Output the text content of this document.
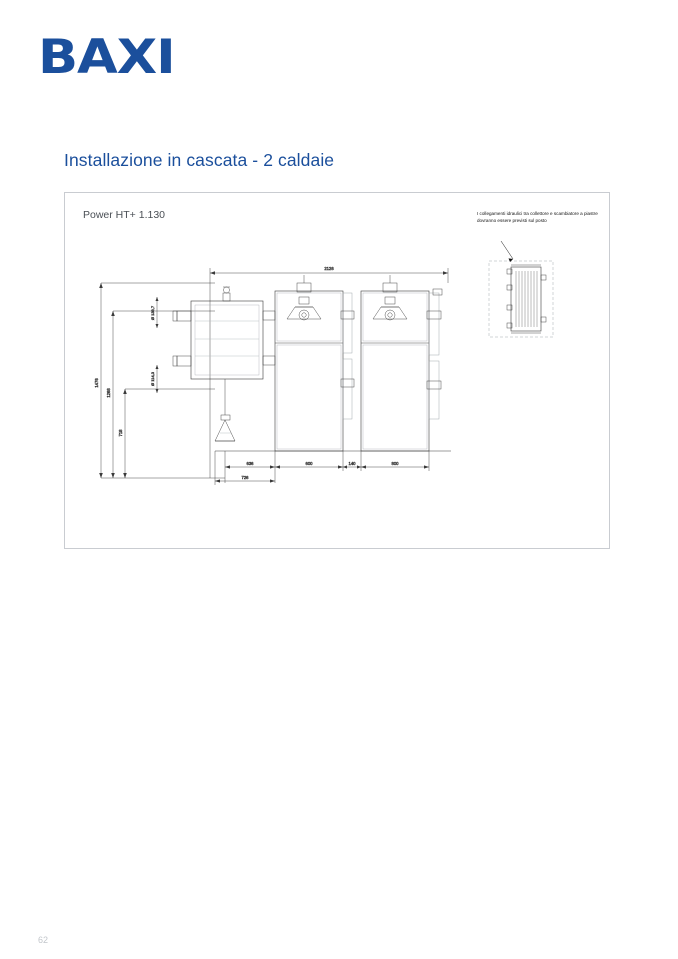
BAXI
Installazione in cascata - 2 caldaie
Power HT+ 1.130	I collegamenti idraulici tra collettore e scambiatore a piastre dovranno essere previsti sul posto
2126
1476
1268
718
Ø 139,7
Ø 114,3
636	600	140	800
726
62
